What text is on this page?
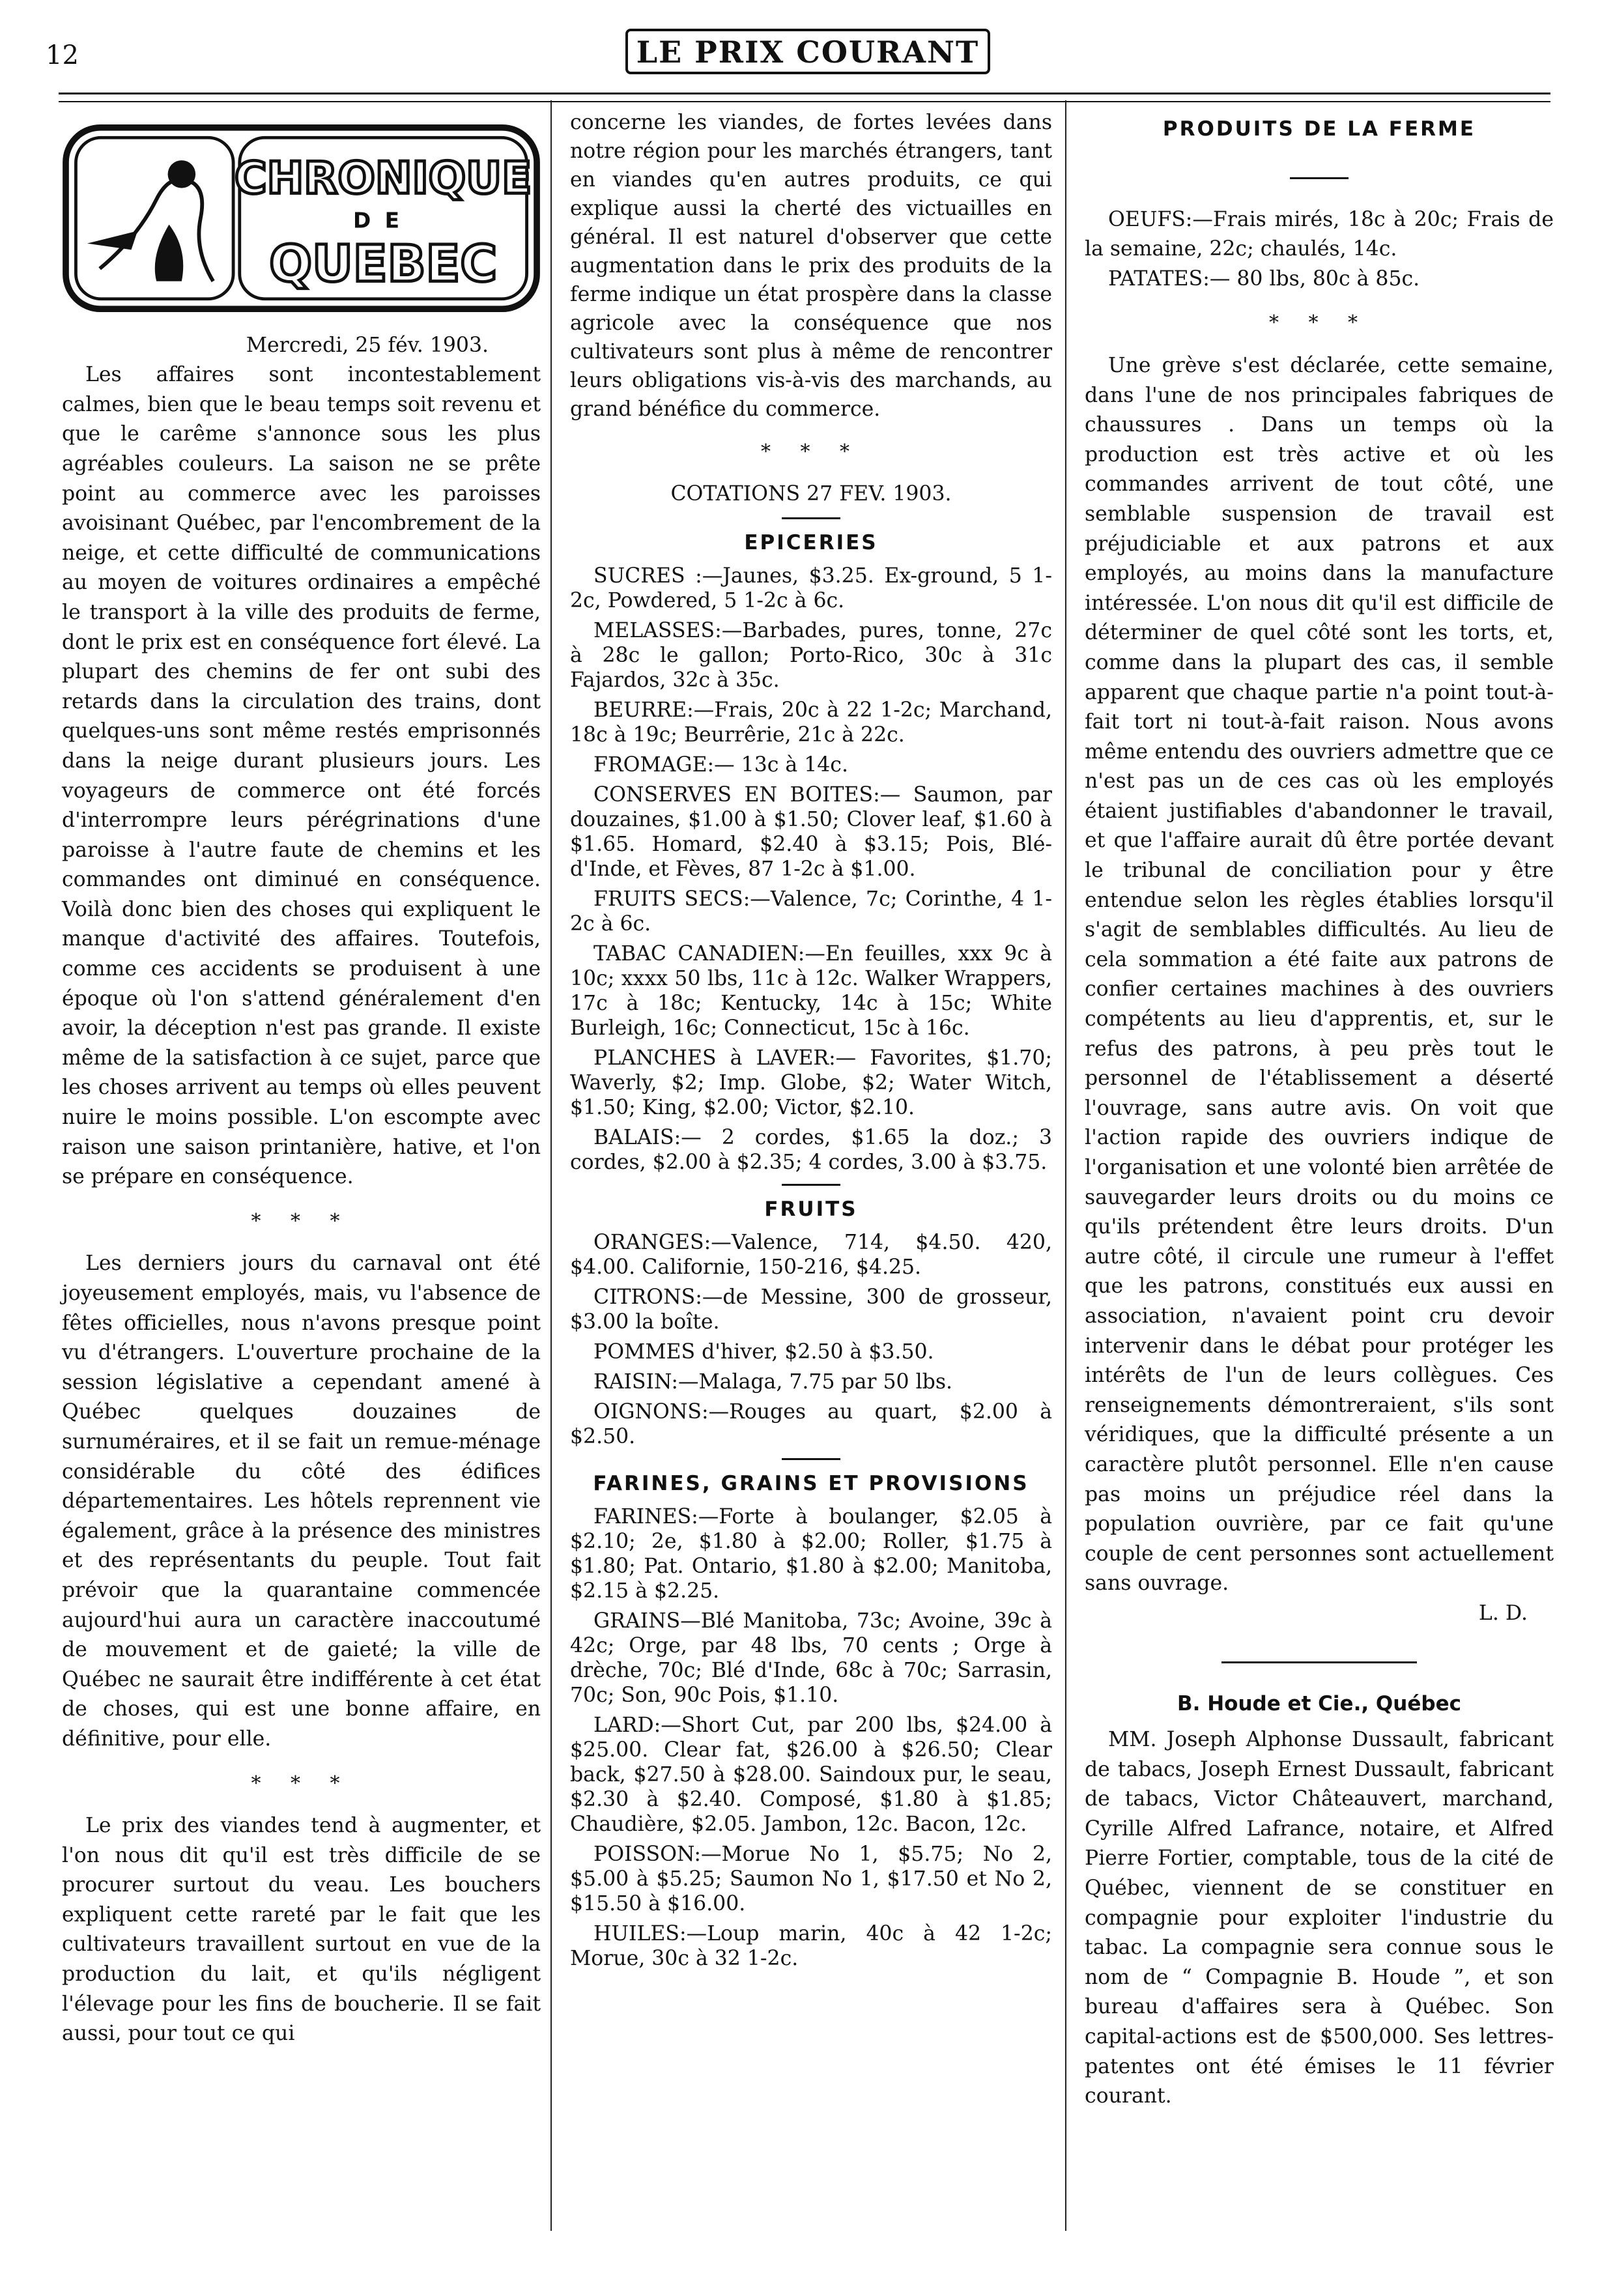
12	LE PRIX COURANT
CHRONIQUE
DE
QUEBEC

Mercredi, 25 fév. 1903.

Les affaires sont incontestablement calmes, bien que le beau temps soit revenu et que le carême s'annonce sous les plus agréables couleurs. La saison ne se prête point au commerce avec les paroisses avoisinant Québec, par l'encombrement de la neige, et cette difficulté de communications au moyen de voitures ordinaires a empêché le transport à la ville des produits de ferme, dont le prix est en conséquence fort élevé. La plupart des chemins de fer ont subi des retards dans la circulation des trains, dont quelques-uns sont même restés emprisonnés dans la neige durant plusieurs jours. Les voyageurs de commerce ont été forcés d'interrompre leurs pérégrinations d'une paroisse à l'autre faute de chemins et les commandes ont diminué en conséquence. Voilà donc bien des choses qui expliquent le manque d'activité des affaires. Toutefois, comme ces accidents se produisent à une époque où l'on s'attend généralement d'en avoir, la déception n'est pas grande. Il existe même de la satisfaction à ce sujet, parce que les choses arrivent au temps où elles peuvent nuire le moins possible. L'on escompte avec raison une saison printanière, hative, et l'on se prépare en conséquence.

* * *

Les derniers jours du carnaval ont été joyeusement employés, mais, vu l'absence de fêtes officielles, nous n'avons presque point vu d'étrangers. L'ouverture prochaine de la session législative a cependant amené à Québec quelques douzaines de surnuméraires, et il se fait un remue-ménage considérable du côté des édifices départementaires. Les hôtels reprennent vie également, grâce à la présence des ministres et des représentants du peuple. Tout fait prévoir que la quarantaine commencée aujourd'hui aura un caractère inaccoutumé de mouvement et de gaieté; la ville de Québec ne saurait être indifférente à cet état de choses, qui est une bonne affaire, en définitive, pour elle.

* * *

Le prix des viandes tend à augmenter, et l'on nous dit qu'il est très difficile de se procurer surtout du veau. Les bouchers expliquent cette rareté par le fait que les cultivateurs travaillent surtout en vue de la production du lait, et qu'ils négligent l'élevage pour les fins de boucherie. Il se fait aussi, pour tout ce qui

concerne les viandes, de fortes levées dans notre région pour les marchés étrangers, tant en viandes qu'en autres produits, ce qui explique aussi la cherté des victuailles en général. Il est naturel d'observer que cette augmentation dans le prix des produits de la ferme indique un état prospère dans la classe agricole avec la conséquence que nos cultivateurs sont plus à même de rencontrer leurs obligations vis-à-vis des marchands, au grand bénéfice du commerce.

* * *

COTATIONS 27 FEV. 1903.

EPICERIES

SUCRES :—Jaunes, $3.25. Ex-ground, 5 1-2c, Powdered, 5 1-2c à 6c.

MELASSES:—Barbades, pures, tonne, 27c à 28c le gallon; Porto-Rico, 30c à 31c Fajardos, 32c à 35c.

BEURRE:—Frais, 20c à 22 1-2c; Marchand, 18c à 19c; Beurrêrie, 21c à 22c.

FROMAGE:— 13c à 14c.

CONSERVES EN BOITES:— Saumon, par douzaines, $1.00 à $1.50; Clover leaf, $1.60 à $1.65. Homard, $2.40 à $3.15; Pois, Blé-d'Inde, et Fèves, 87 1-2c à $1.00.

FRUITS SECS:—Valence, 7c; Corinthe, 4 1-2c à 6c.

TABAC CANADIEN:—En feuilles, xxx 9c à 10c; xxxx 50 lbs, 11c à 12c. Walker Wrappers, 17c à 18c; Kentucky, 14c à 15c; White Burleigh, 16c; Connecticut, 15c à 16c.

PLANCHES à LAVER:— Favorites, $1.70; Waverly, $2; Imp. Globe, $2; Water Witch, $1.50; King, $2.00; Victor, $2.10.

BALAIS:— 2 cordes, $1.65 la doz.; 3 cordes, $2.00 à $2.35; 4 cordes, 3.00 à $3.75.

FRUITS

ORANGES:—Valence, 714, $4.50. 420, $4.00. Californie, 150-216, $4.25.

CITRONS:—de Messine, 300 de grosseur, $3.00 la boîte.

POMMES d'hiver, $2.50 à $3.50.

RAISIN:—Malaga, 7.75 par 50 lbs.

OIGNONS:—Rouges au quart, $2.00 à $2.50.

FARINES, GRAINS ET PROVISIONS

FARINES:—Forte à boulanger, $2.05 à $2.10; 2e, $1.80 à $2.00; Roller, $1.75 à $1.80; Pat. Ontario, $1.80 à $2.00; Manitoba, $2.15 à $2.25.

GRAINS—Blé Manitoba, 73c; Avoine, 39c à 42c; Orge, par 48 lbs, 70 cents ; Orge à drèche, 70c; Blé d'Inde, 68c à 70c; Sarrasin, 70c; Son, 90c Pois, $1.10.

LARD:—Short Cut, par 200 lbs, $24.00 à $25.00. Clear fat, $26.00 à $26.50; Clear back, $27.50 à $28.00. Saindoux pur, le seau, $2.30 à $2.40. Composé, $1.80 à $1.85; Chaudière, $2.05. Jambon, 12c. Bacon, 12c.

POISSON:—Morue No 1, $5.75; No 2, $5.00 à $5.25; Saumon No 1, $17.50 et No 2, $15.50 à $16.00.

HUILES:—Loup marin, 40c à 42 1-2c; Morue, 30c à 32 1-2c.

PRODUITS DE LA FERME

OEUFS:—Frais mirés, 18c à 20c; Frais de la semaine, 22c; chaulés, 14c.

PATATES:— 80 lbs, 80c à 85c.

* * *

Une grève s'est déclarée, cette semaine, dans l'une de nos principales fabriques de chaussures . Dans un temps où la production est très active et où les commandes arrivent de tout côté, une semblable suspension de travail est préjudiciable et aux patrons et aux employés, au moins dans la manufacture intéressée. L'on nous dit qu'il est difficile de déterminer de quel côté sont les torts, et, comme dans la plupart des cas, il semble apparent que chaque partie n'a point tout-à-fait tort ni tout-à-fait raison. Nous avons même entendu des ouvriers admettre que ce n'est pas un de ces cas où les employés étaient justifiables d'abandonner le travail, et que l'affaire aurait dû être portée devant le tribunal de conciliation pour y être entendue selon les règles établies lorsqu'il s'agit de semblables difficultés. Au lieu de cela sommation a été faite aux patrons de confier certaines machines à des ouvriers compétents au lieu d'apprentis, et, sur le refus des patrons, à peu près tout le personnel de l'établissement a déserté l'ouvrage, sans autre avis. On voit que l'action rapide des ouvriers indique de l'organisation et une volonté bien arrêtée de sauvegarder leurs droits ou du moins ce qu'ils prétendent être leurs droits. D'un autre côté, il circule une rumeur à l'effet que les patrons, constitués eux aussi en association, n'avaient point cru devoir intervenir dans le débat pour protéger les intérêts de l'un de leurs collègues. Ces renseignements démontreraient, s'ils sont véridiques, que la difficulté présente a un caractère plutôt personnel. Elle n'en cause pas moins un préjudice réel dans la population ouvrière, par ce fait qu'une couple de cent personnes sont actuellement sans ouvrage.

L. D.
B. Houde et Cie., Québec

MM. Joseph Alphonse Dussault, fabricant de tabacs, Joseph Ernest Dussault, fabricant de tabacs, Victor Châteauvert, marchand, Cyrille Alfred Lafrance, notaire, et Alfred Pierre Fortier, comptable, tous de la cité de Québec, viennent de se constituer en compagnie pour exploiter l'industrie du tabac. La compagnie sera connue sous le nom de “ Compagnie B. Houde ”, et son bureau d'affaires sera à Québec. Son capital-actions est de $500,000. Ses lettres-patentes ont été émises le 11 février courant.
